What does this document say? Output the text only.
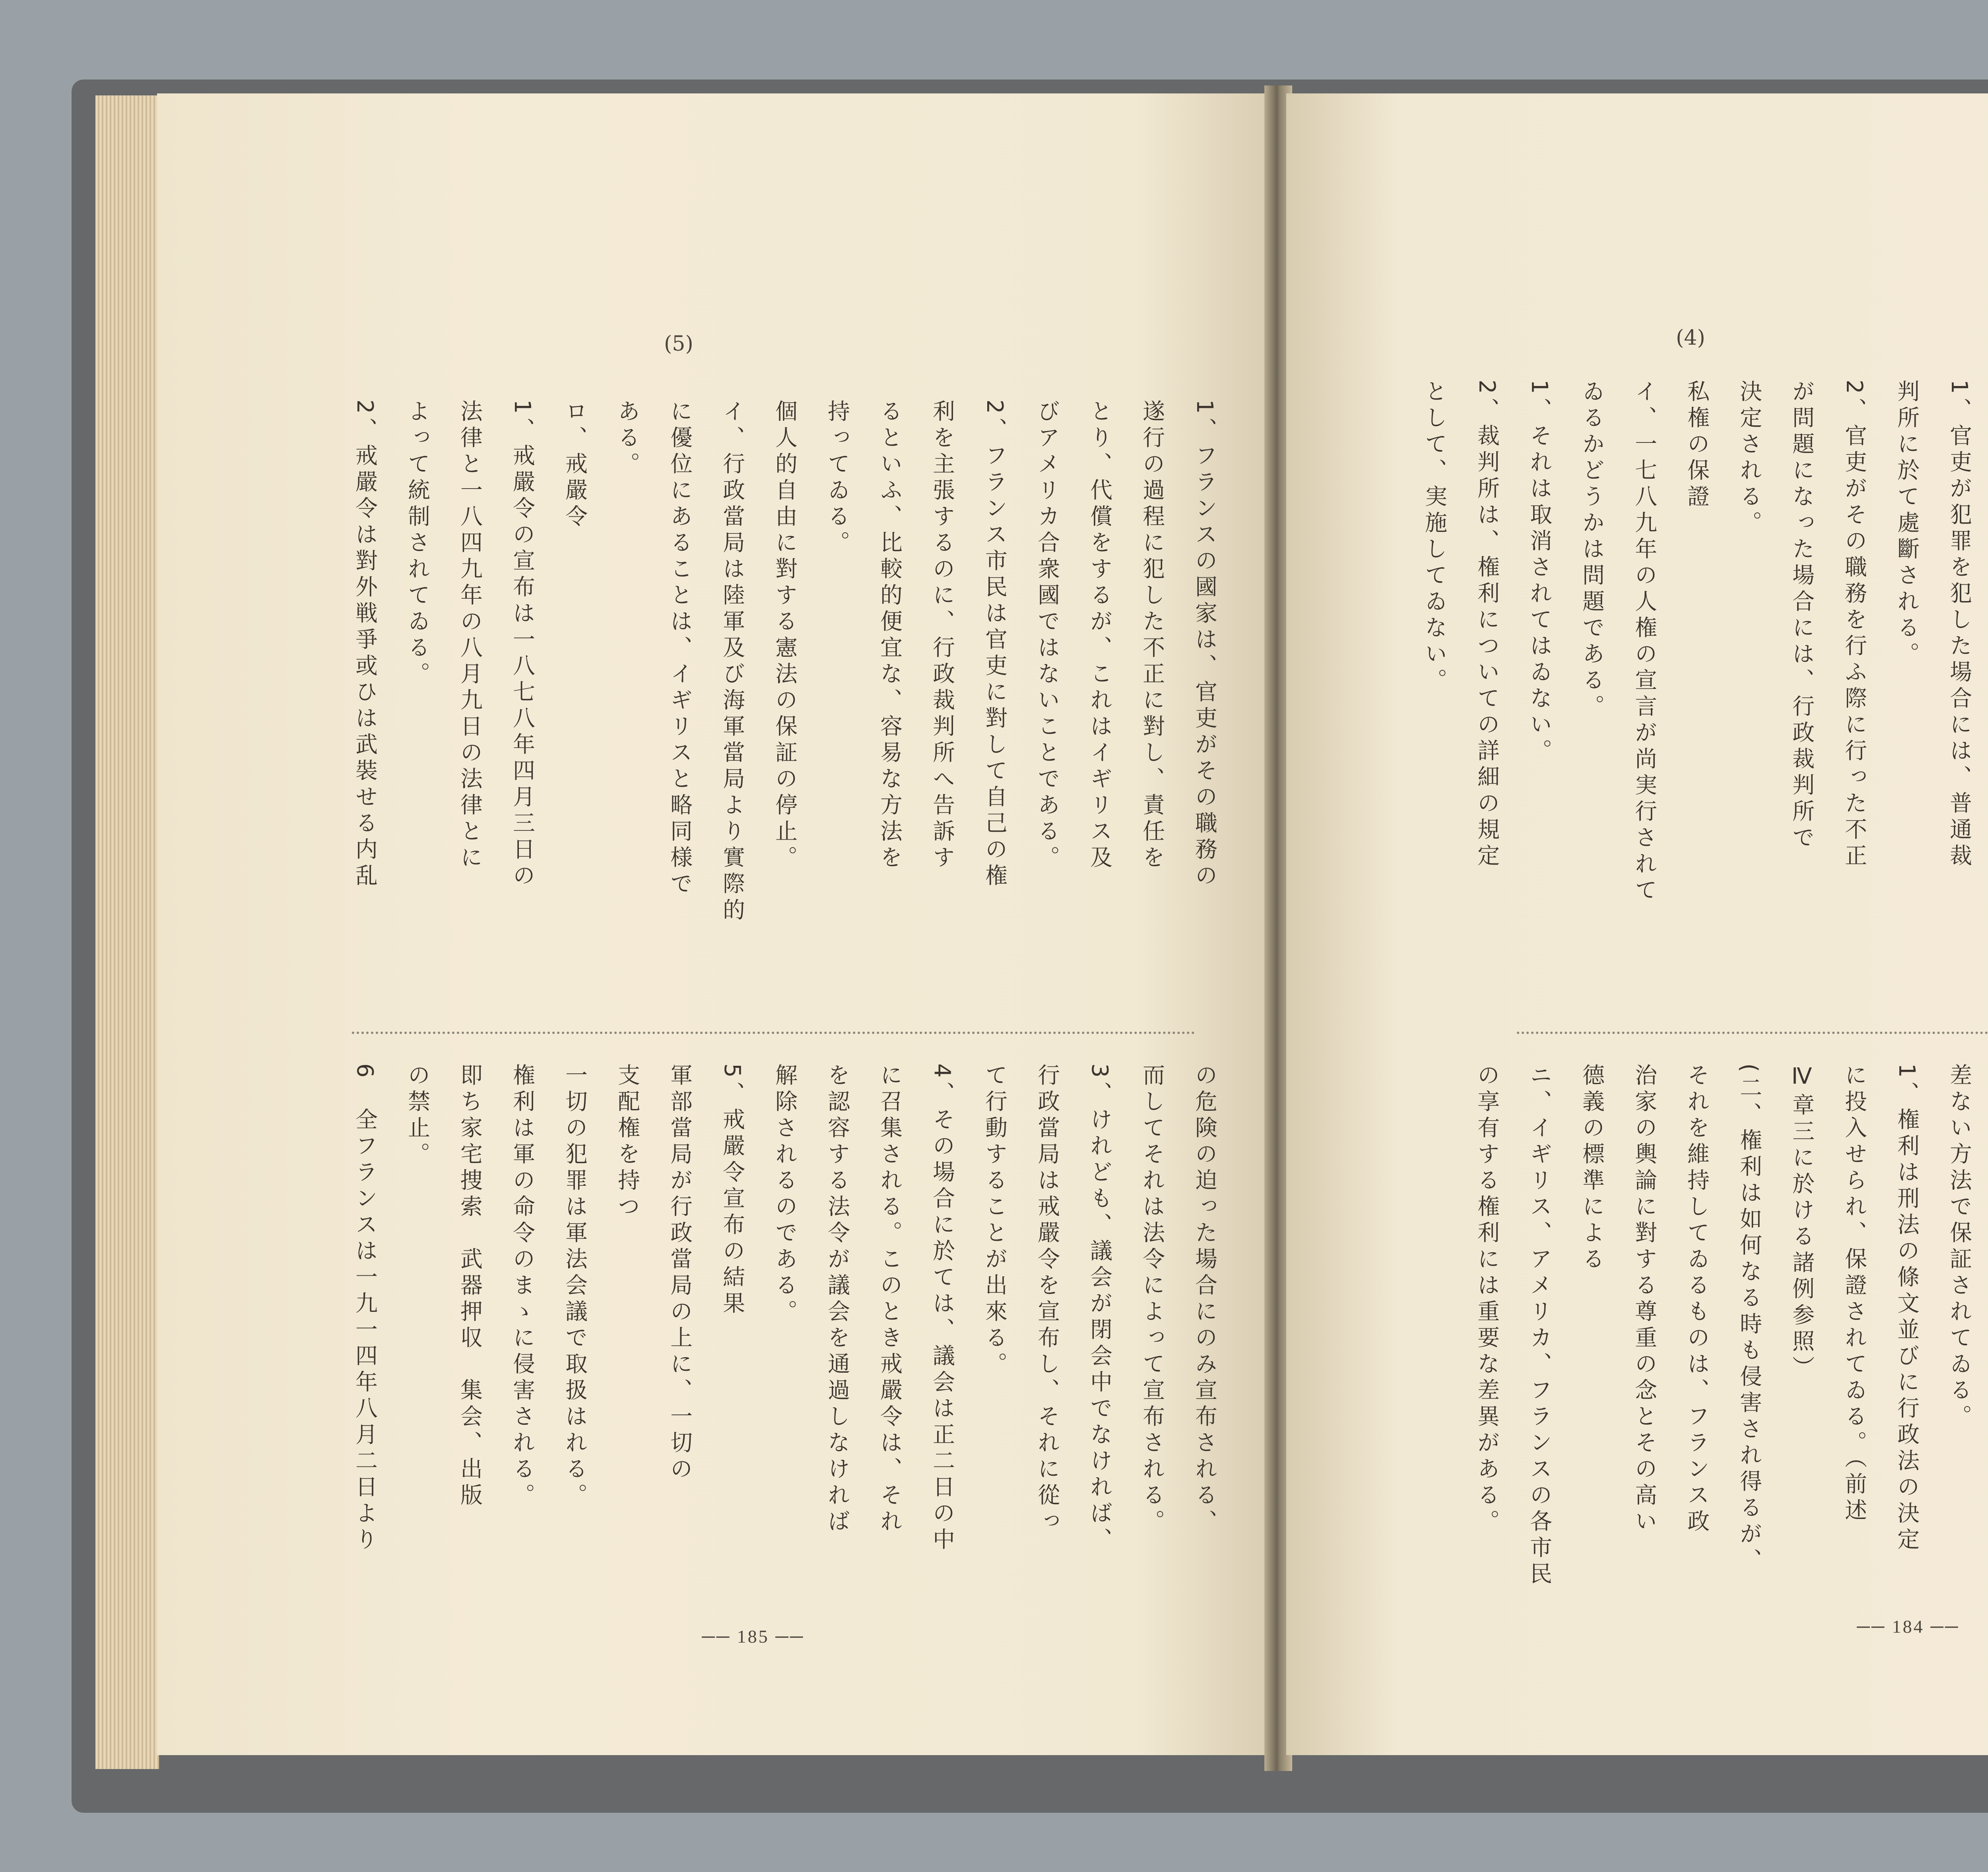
(5)
1、フランスの國家は、官吏がその職務の
遂行の過程に犯した不正に對し、責任を
とり、代償をするが、これはイギリス及
びアメリカ合衆國ではないことである。
2、フランス市民は官吏に對して自己の権
利を主張するのに、行政裁判所へ告訴す
るといふ、比較的便宜な、容易な方法を
持ってゐる。
個人的自由に對する憲法の保証の停止。
イ、行政當局は陸軍及び海軍當局より實際的
に優位にあることは、イギリスと略同様で
ある。
ロ、戒嚴令
1、戒嚴令の宣布は一八七八年四月三日の
法律と一八四九年の八月九日の法律とに
よって統制されてゐる。
2、戒嚴令は對外戦爭或ひは武裝せる内乱
の危険の迫った場合にのみ宣布される、
而してそれは法令によって宣布される。
3、けれども、議会が閉会中でなければ、
行政當局は戒嚴令を宣布し、それに從っ
て行動することが出來る。
4、その場合に於ては、議会は正二日の中
に召集される。このとき戒嚴令は、それ
を認容する法令が議会を通過しなければ
解除されるのである。
5、戒嚴令宣布の結果
軍部當局が行政當局の上に、一切の
支配権を持つ
一切の犯罪は軍法会議で取扱はれる。
権利は軍の命令のまゝに侵害される。
即ち家宅捜索　武器押収　集会、出版
の禁止。
6　全フランスは一九一四年八月二日より
── 185 ──
(4)
1、官吏が犯罪を犯した場合には、普通裁
判所に於て處斷される。
2、官吏がその職務を行ふ際に行った不正
が問題になった場合には、行政裁判所で
決定される。
私権の保證
イ、一七八九年の人権の宣言が尚実行されて
ゐるかどうかは問題である。
1、それは取消されてはゐない。
2、裁判所は、権利についての詳細の規定
として、実施してゐない。
差ない方法で保証されてゐる。
1、権利は刑法の條文並びに行政法の決定
に投入せられ、保證されてゐる。（前述
Ⅳ章三に於ける諸例参照）
(二、権利は如何なる時も侵害され得るが、
それを維持してゐるものは、フランス政
治家の輿論に對する尊重の念とその高い
德義の標準による
ニ、イギリス、アメリカ、フランスの各市民
の享有する権利には重要な差異がある。
── 184 ──
